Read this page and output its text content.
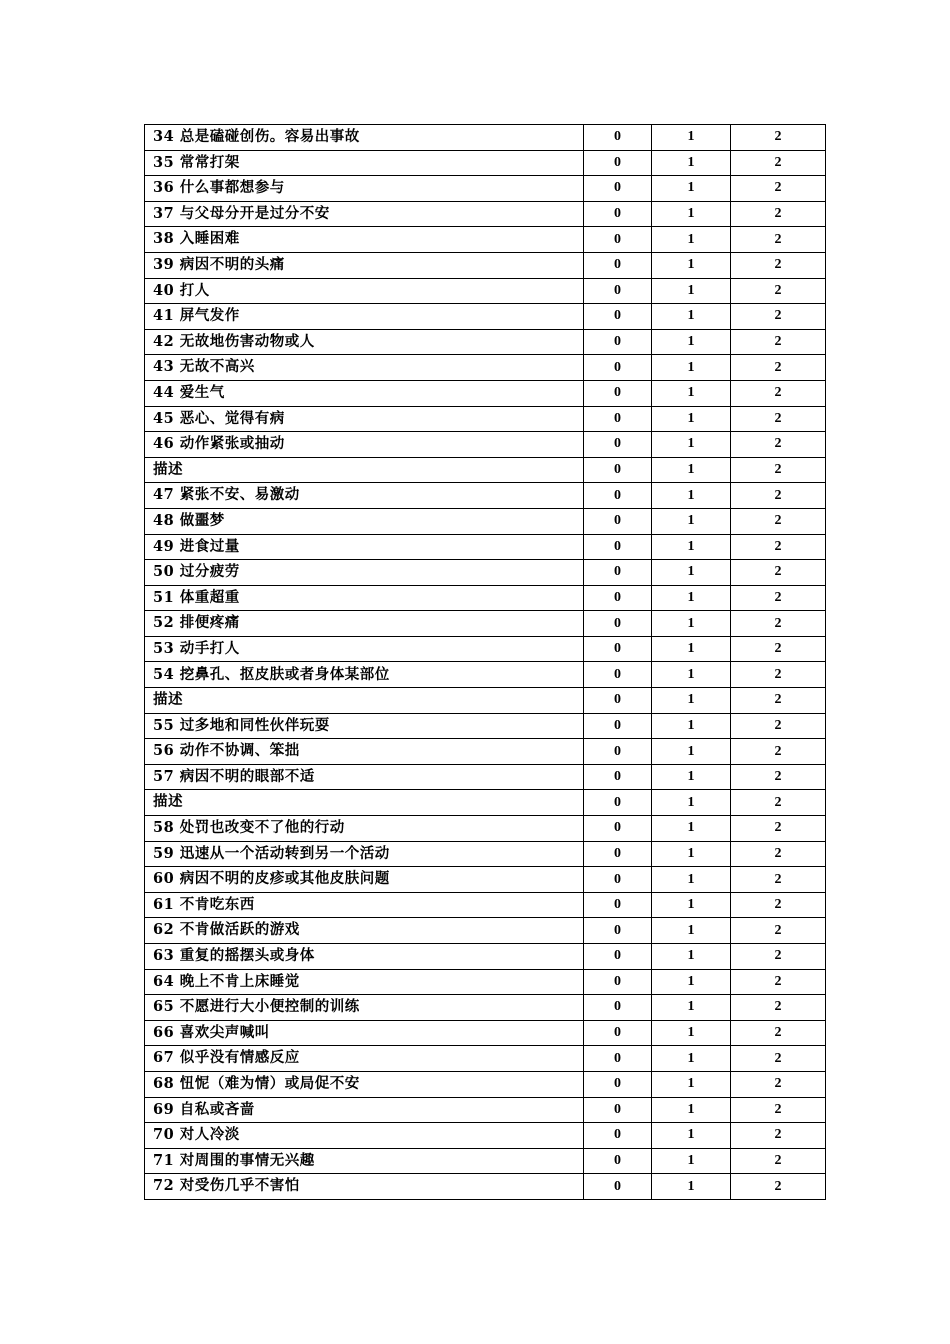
34 总是磕碰创伤。容易出事故	0	1	2
35 常常打架	0	1	2
36 什么事都想参与	0	1	2
37 与父母分开是过分不安	0	1	2
38 入睡困难	0	1	2
39 病因不明的头痛	0	1	2
40 打人	0	1	2
41 屏气发作	0	1	2
42 无故地伤害动物或人	0	1	2
43 无故不高兴	0	1	2
44 爱生气	0	1	2
45 恶心、觉得有病	0	1	2
46 动作紧张或抽动	0	1	2
描述	0	1	2
47 紧张不安、易激动	0	1	2
48 做噩梦	0	1	2
49 进食过量	0	1	2
50 过分疲劳	0	1	2
51 体重超重	0	1	2
52 排便疼痛	0	1	2
53 动手打人	0	1	2
54 挖鼻孔、抠皮肤或者身体某部位	0	1	2
描述	0	1	2
55 过多地和同性伙伴玩耍	0	1	2
56 动作不协调、笨拙	0	1	2
57 病因不明的眼部不适	0	1	2
描述	0	1	2
58 处罚也改变不了他的行动	0	1	2
59 迅速从一个活动转到另一个活动	0	1	2
60 病因不明的皮疹或其他皮肤问题	0	1	2
61 不肯吃东西	0	1	2
62 不肯做活跃的游戏	0	1	2
63 重复的摇摆头或身体	0	1	2
64 晚上不肯上床睡觉	0	1	2
65 不愿进行大小便控制的训练	0	1	2
66 喜欢尖声喊叫	0	1	2
67 似乎没有情感反应	0	1	2
68 忸怩（难为情）或局促不安	0	1	2
69 自私或吝啬	0	1	2
70 对人冷淡	0	1	2
71 对周围的事情无兴趣	0	1	2
72 对受伤几乎不害怕	0	1	2
